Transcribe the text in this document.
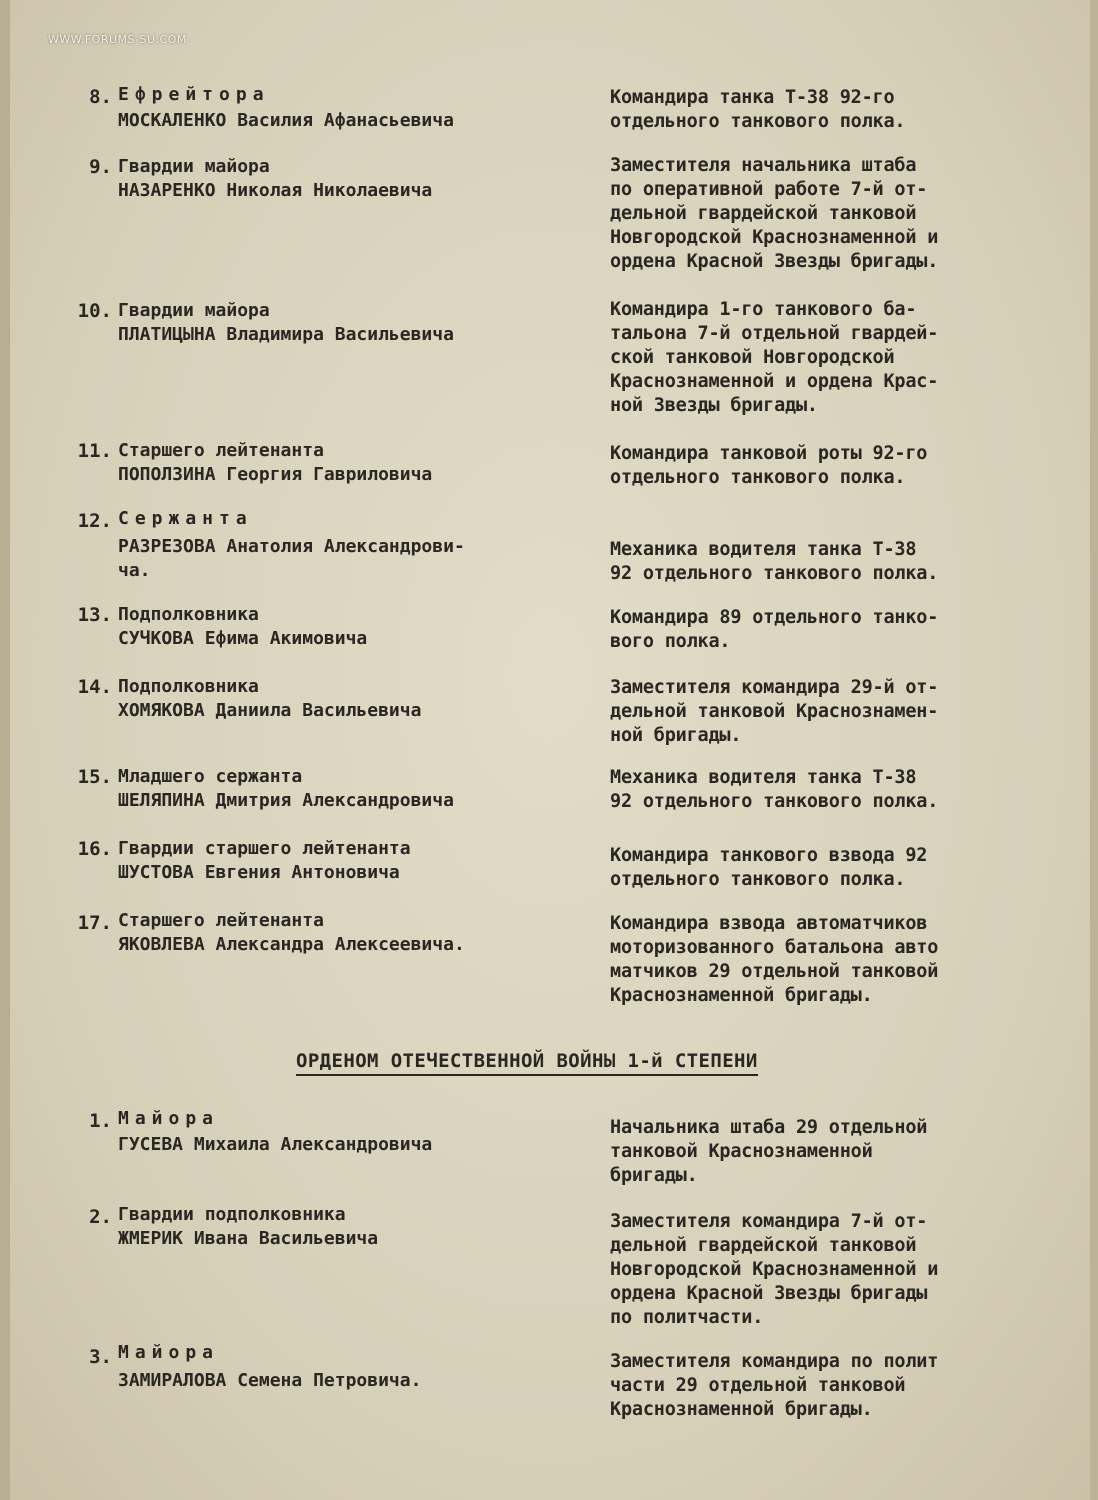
WWW.FORUMS-SU.COM
8. Ефрейтора
МОСКАЛЕНКО Василия Афанасьевича
Командира танка Т-38 92-го
отдельного танкового полка.
9. Гвардии майора
НАЗАРЕНКО Николая Николаевича
Заместителя начальника штаба
по оперативной работе 7-й от-
дельной гвардейской танковой
Новгородской Краснознаменной и
ордена Красной Звезды бригады.
10. Гвардии майора
ПЛАТИЦЫНА Владимира Васильевича
Командира 1-го танкового ба-
тальона 7-й отдельной гвардей-
ской танковой Новгородской
Краснознаменной и ордена Крас-
ной Звезды бригады.
11. Старшего лейтенанта
ПОПОЛЗИНА Георгия Гавриловича
Командира танковой роты 92-го
отдельного танкового полка.
12. Сержанта
РАЗРЕЗОВА Анатолия Александрови-
ча.
Механика водителя танка Т-38
92 отдельного танкового полка.
13. Подполковника
СУЧКОВА Ефима Акимовича
Командира 89 отдельного танко-
вого полка.
14. Подполковника
ХОМЯКОВА Даниила Васильевича
Заместителя командира 29-й от-
дельной танковой Краснознамен-
ной бригады.
15. Младшего сержанта
ШЕЛЯПИНА Дмитрия Александровича
Механика водителя танка Т-38
92 отдельного танкового полка.
16. Гвардии старшего лейтенанта
ШУСТОВА Евгения Антоновича
Командира танкового взвода 92
отдельного танкового полка.
17. Старшего лейтенанта
ЯКОВЛЕВА Александра Алексеевича.
Командира взвода автоматчиков
моторизованного батальона авто
матчиков 29 отдельной танковой
Краснознаменной бригады.
ОРДЕНОМ ОТЕЧЕСТВЕННОЙ ВОЙНЫ 1-й СТЕПЕНИ
1. Майора
ГУСЕВА Михаила Александровича
Начальника штаба 29 отдельной
танковой Краснознаменной
бригады.
2. Гвардии подполковника
ЖМЕРИК Ивана Васильевича
Заместителя командира 7-й от-
дельной гвардейской танковой
Новгородской Краснознаменной и
ордена Красной Звезды бригады
по политчасти.
3. Майора
ЗАМИРАЛОВА Семена Петровича.
Заместителя командира по полит
части 29 отдельной танковой
Краснознаменной бригады.
